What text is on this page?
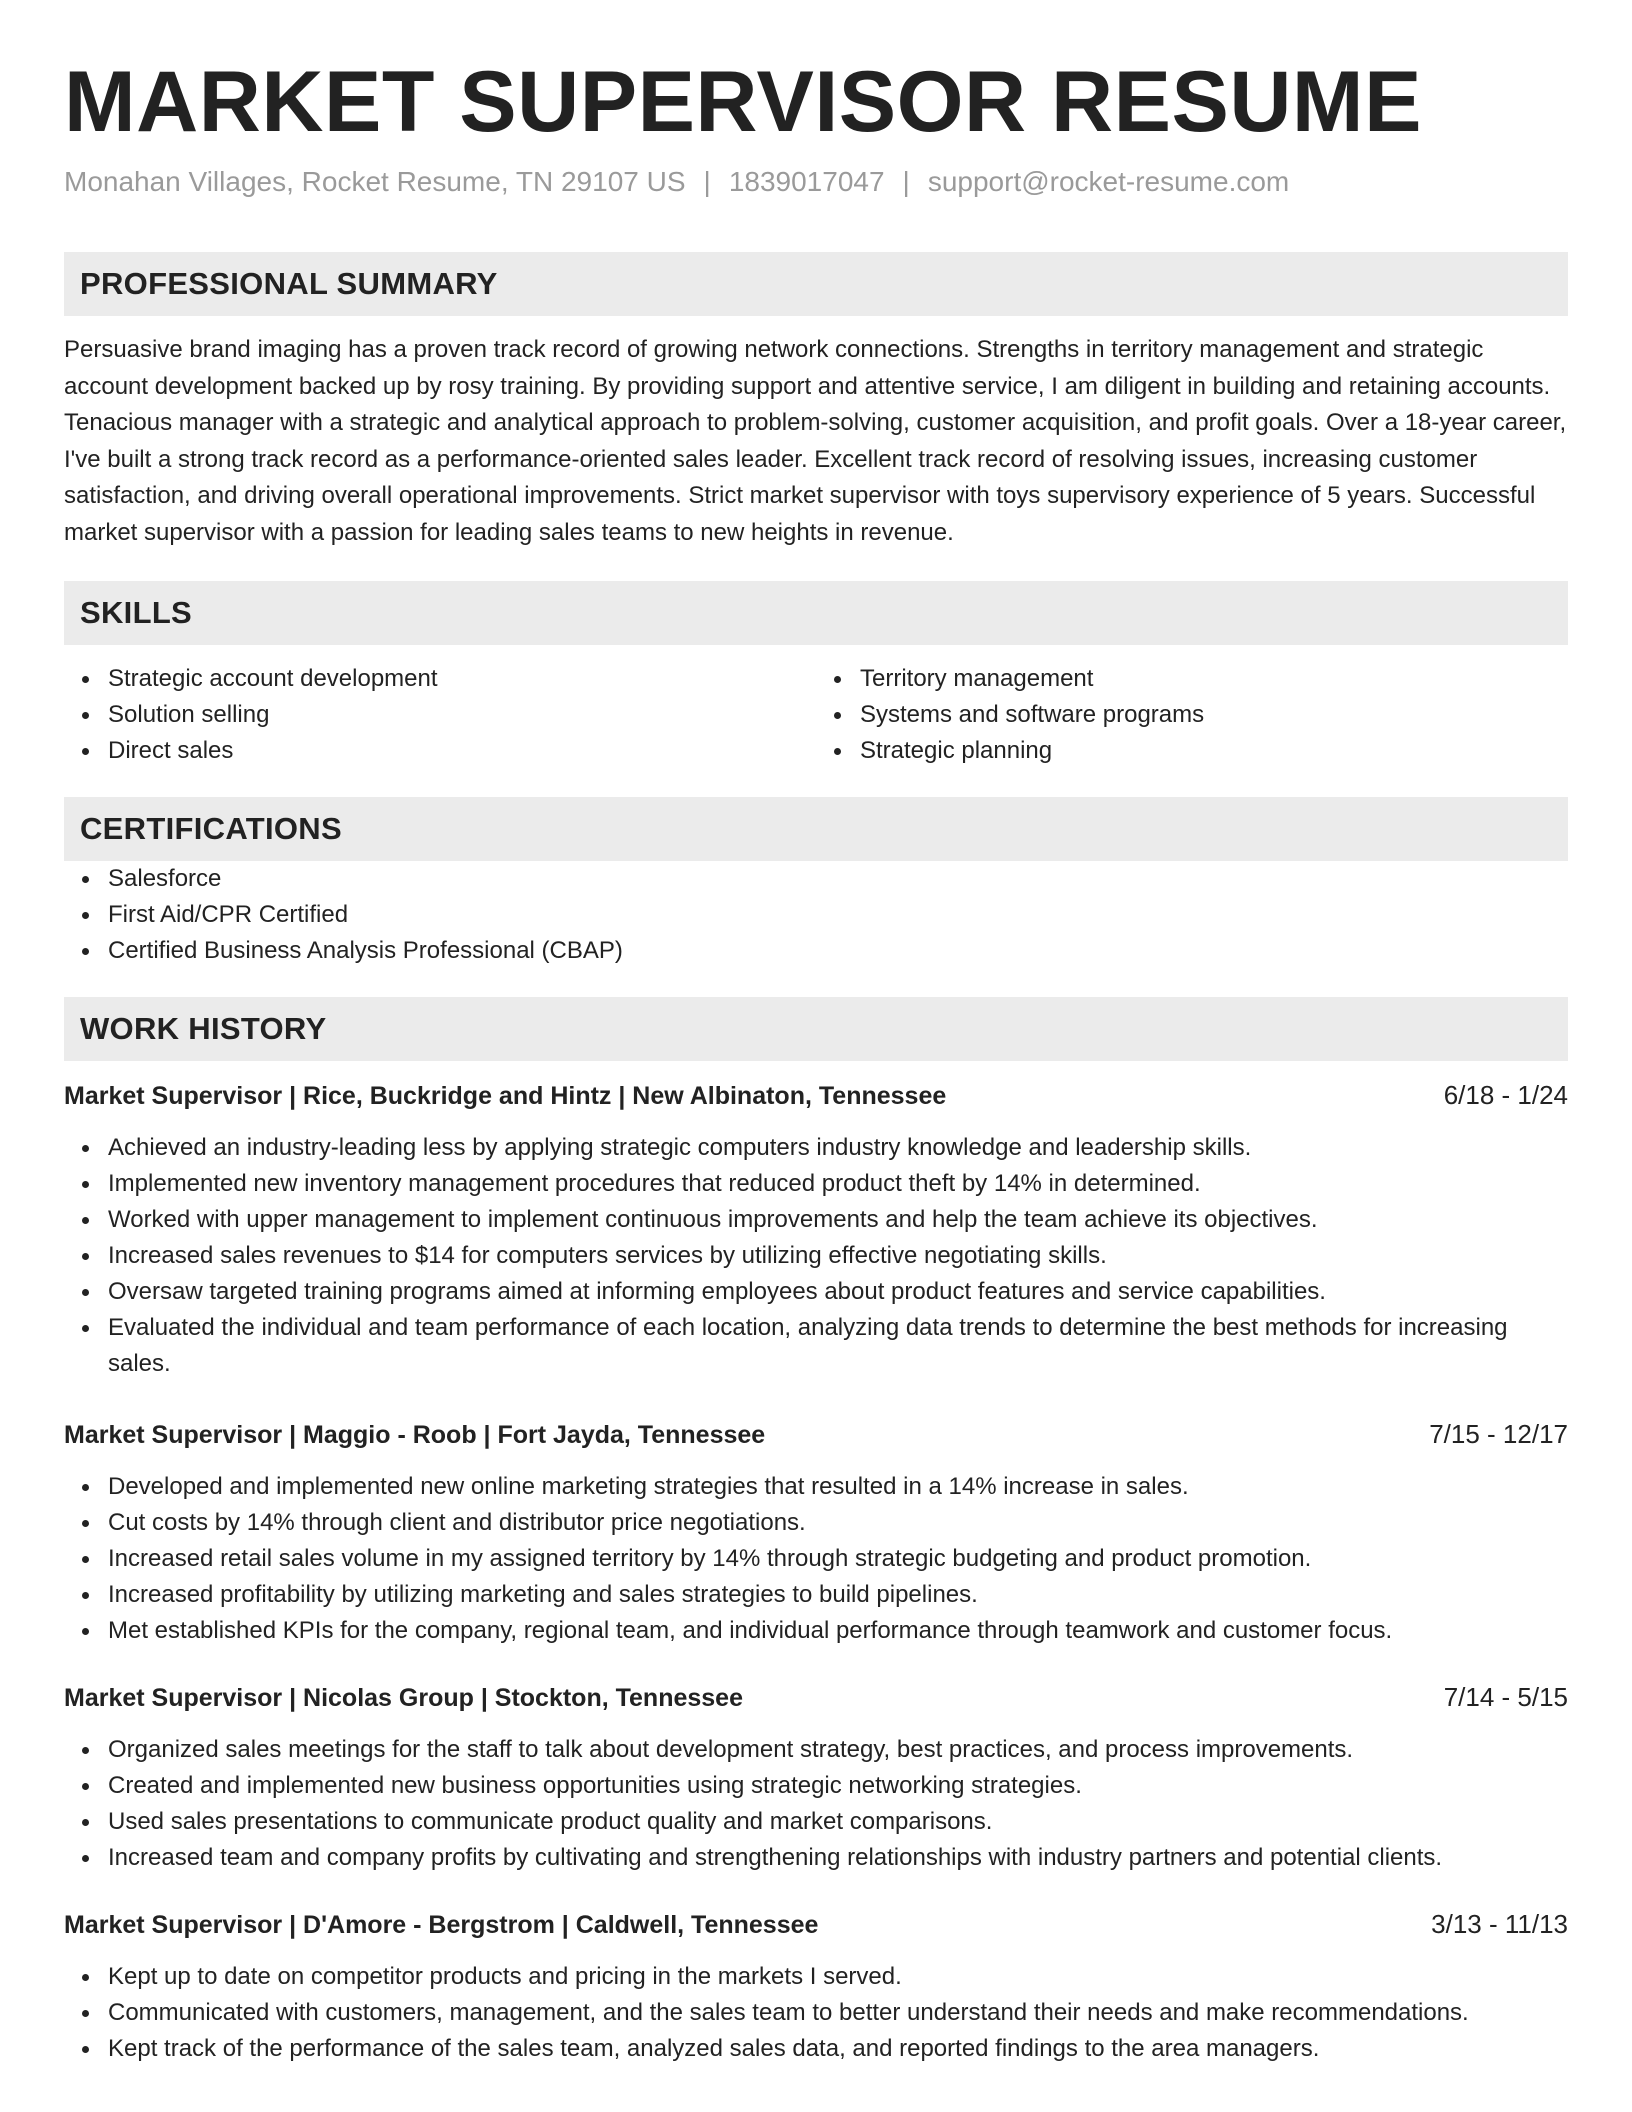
MARKET SUPERVISOR RESUME
Monahan Villages, Rocket Resume, TN 29107 US | 1839017047 | support@rocket-resume.com
PROFESSIONAL SUMMARY

Persuasive brand imaging has a proven track record of growing network connections. Strengths in territory management and strategic account development backed up by rosy training. By providing support and attentive service, I am diligent in building and retaining accounts. Tenacious manager with a strategic and analytical approach to problem-solving, customer acquisition, and profit goals. Over a 18-year career, I've built a strong track record as a performance-oriented sales leader. Excellent track record of resolving issues, increasing customer satisfaction, and driving overall operational improvements. Strict market supervisor with toys supervisory experience of 5 years. Successful market supervisor with a passion for leading sales teams to new heights in revenue.

SKILLS
Strategic account development
Solution selling
Direct sales
Territory management
Systems and software programs
Strategic planning
CERTIFICATIONS
Salesforce
First Aid/CPR Certified
Certified Business Analysis Professional (CBAP)
WORK HISTORY
Market Supervisor | Rice, Buckridge and Hintz | New Albinaton, Tennessee	6/18 - 1/24
Achieved an industry-leading less by applying strategic computers industry knowledge and leadership skills.
Implemented new inventory management procedures that reduced product theft by 14% in determined.
Worked with upper management to implement continuous improvements and help the team achieve its objectives.
Increased sales revenues to $14 for computers services by utilizing effective negotiating skills.
Oversaw targeted training programs aimed at informing employees about product features and service capabilities.
Evaluated the individual and team performance of each location, analyzing data trends to determine the best methods for increasing sales.
Market Supervisor | Maggio - Roob | Fort Jayda, Tennessee	7/15 - 12/17
Developed and implemented new online marketing strategies that resulted in a 14% increase in sales.
Cut costs by 14% through client and distributor price negotiations.
Increased retail sales volume in my assigned territory by 14% through strategic budgeting and product promotion.
Increased profitability by utilizing marketing and sales strategies to build pipelines.
Met established KPIs for the company, regional team, and individual performance through teamwork and customer focus.
Market Supervisor | Nicolas Group | Stockton, Tennessee	7/14 - 5/15
Organized sales meetings for the staff to talk about development strategy, best practices, and process improvements.
Created and implemented new business opportunities using strategic networking strategies.
Used sales presentations to communicate product quality and market comparisons.
Increased team and company profits by cultivating and strengthening relationships with industry partners and potential clients.
Market Supervisor | D'Amore - Bergstrom | Caldwell, Tennessee	3/13 - 11/13
Kept up to date on competitor products and pricing in the markets I served.
Communicated with customers, management, and the sales team to better understand their needs and make recommendations.
Kept track of the performance of the sales team, analyzed sales data, and reported findings to the area managers.
